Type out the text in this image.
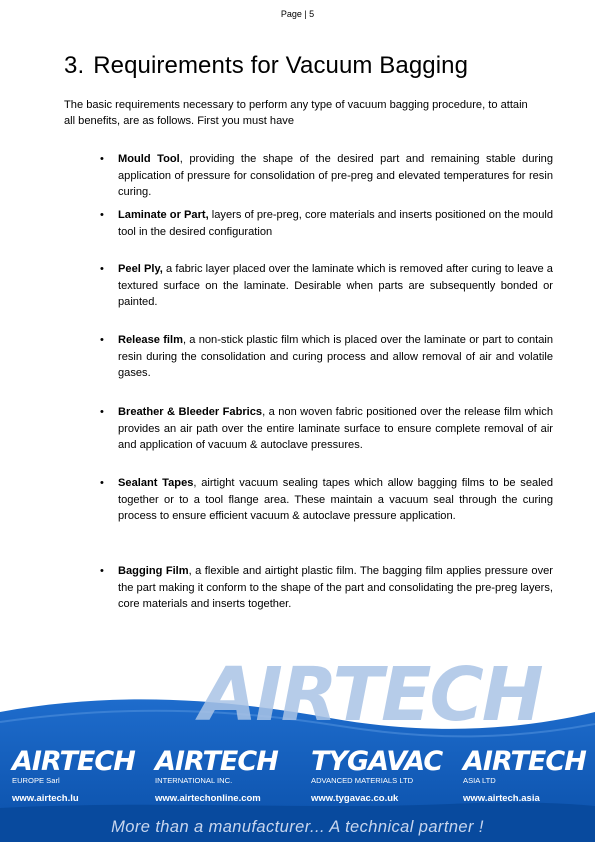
Page | 5
3. Requirements for Vacuum Bagging

The basic requirements necessary to perform any type of vacuum bagging procedure, to attain all benefits, are as follows. First you must have

• Mould Tool, providing the shape of the desired part and remaining stable during application of pressure for consolidation of pre-preg and elevated temperatures for resin curing.
• Laminate or Part, layers of pre-preg, core materials and inserts positioned on the mould tool in the desired configuration
• Peel Ply, a fabric layer placed over the laminate which is removed after curing to leave a textured surface on the laminate. Desirable when parts are subsequently bonded or painted.
• Release film, a non-stick plastic film which is placed over the laminate or part to contain resin during the consolidation and curing process and allow removal of air and volatile gases.
• Breather & Bleeder Fabrics, a non woven fabric positioned over the release film which provides an air path over the entire laminate surface to ensure complete removal of air and application of vacuum & autoclave pressures.
• Sealant Tapes, airtight vacuum sealing tapes which allow bagging films to be sealed together or to a tool flange area. These maintain a vacuum seal through the curing process to ensure efficient vacuum & autoclave pressure application.
• Bagging Film, a flexible and airtight plastic film. The bagging film applies pressure over the part making it conform to the shape of the part and consolidating the pre-preg layers, core materials and inserts together.
AIRTECH
AIRTECH
EUROPE Sarl
www.airtech.lu
AIRTECH
INTERNATIONAL INC.
www.airtechonline.com
TYGAVAC
ADVANCED MATERIALS LTD
www.tygavac.co.uk
AIRTECH
ASIA LTD
www.airtech.asia
More than a manufacturer... A technical partner !
